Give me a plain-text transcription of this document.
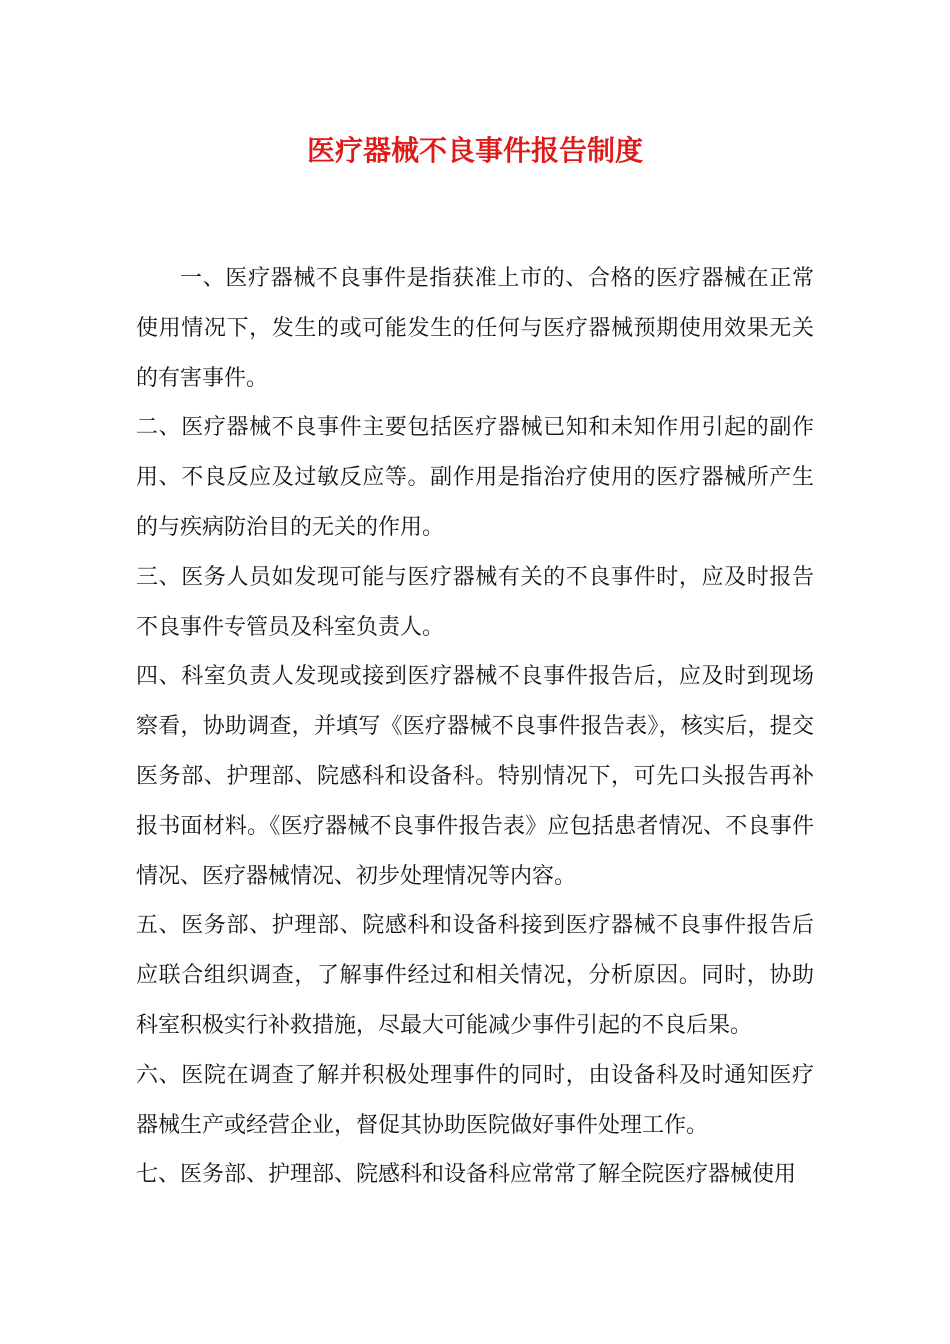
医疗器械不良事件报告制度

一、医疗器械不良事件是指获准上市的、合格的医疗器械在正常使用情况下，发生的或可能发生的任何与医疗器械预期使用效果无关的有害事件。

二、医疗器械不良事件主要包括医疗器械已知和未知作用引起的副作用、不良反应及过敏反应等。副作用是指治疗使用的医疗器械所产生的与疾病防治目的无关的作用。

三、医务人员如发现可能与医疗器械有关的不良事件时，应及时报告不良事件专管员及科室负责人。

四、科室负责人发现或接到医疗器械不良事件报告后，应及时到现场察看，协助调查，并填写《医疗器械不良事件报告表》，核实后，提交医务部、护理部、院感科和设备科。特别情况下，可先口头报告再补报书面材料。《医疗器械不良事件报告表》应包括患者情况、不良事件情况、医疗器械情况、初步处理情况等内容。

五、医务部、护理部、院感科和设备科接到医疗器械不良事件报告后应联合组织调查，了解事件经过和相关情况，分析原因。同时，协助科室积极实行补救措施，尽最大可能减少事件引起的不良后果。

六、医院在调查了解并积极处理事件的同时，由设备科及时通知医疗器械生产或经营企业，督促其协助医院做好事件处理工作。

七、医务部、护理部、院感科和设备科应常常了解全院医疗器械使用
